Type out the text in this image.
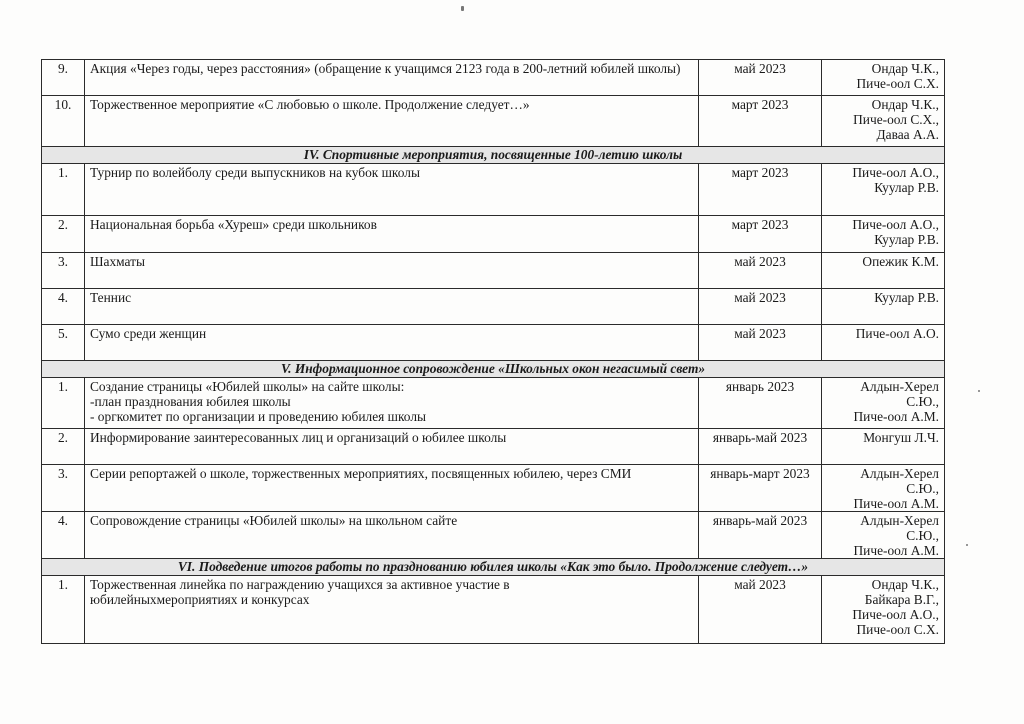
9.	Акция «Через годы, через расстояния» (обращение к учащимся 2123 года в 200-летний юбилей школы)	май 2023	Ондар Ч.К.,
Пиче-оол С.Х.

10.	Торжественное мероприятие «С любовью о школе. Продолжение следует…»	март 2023	Ондар Ч.К.,
Пиче-оол С.Х.,
Даваа А.А.

IV. Спортивные мероприятия, посвященные 100-летию школы			
1.	Турнир по волейболу среди выпускников на кубок школы	март 2023	Пиче-оол А.О.,
Куулар Р.В.

2.	Национальная борьба «Хуреш» среди школьников	март 2023	Пиче-оол А.О.,
Куулар Р.В.

3.	Шахматы	май 2023	Опежик К.М.

4.	Теннис	май 2023	Куулар Р.В.

5.	Сумо среди женщин	май 2023	Пиче-оол А.О.

V. Информационное сопровождение «Школьных окон негасимый свет»			
1.	Создание страницы «Юбилей школы» на сайте школы:
-план празднования юбилея школы
- оргкомитет по организации и проведению юбилея школы	январь 2023	Алдын-Херел С.Ю.,
Пиче-оол А.М.

2.	Информирование заинтересованных лиц и организаций о юбилее школы	январь-май 2023	Монгуш Л.Ч.

3.	Серии репортажей о школе, торжественных мероприятиях, посвященных юбилею, через СМИ	январь-март 2023	Алдын-Херел С.Ю.,
Пиче-оол А.М.

4.	Сопровождение страницы «Юбилей школы» на школьном сайте	январь-май 2023	Алдын-Херел С.Ю.,
Пиче-оол А.М.

VI. Подведение итогов работы по празднованию юбилея школы «Как это было. Продолжение следует…»			
1.	Торжественная линейка по награждению учащихся за активное участие в
юбилейныхмероприятиях и конкурсах	май 2023	Ондар Ч.К.,
Байкара В.Г.,
Пиче-оол А.О.,
Пиче-оол С.Х.
